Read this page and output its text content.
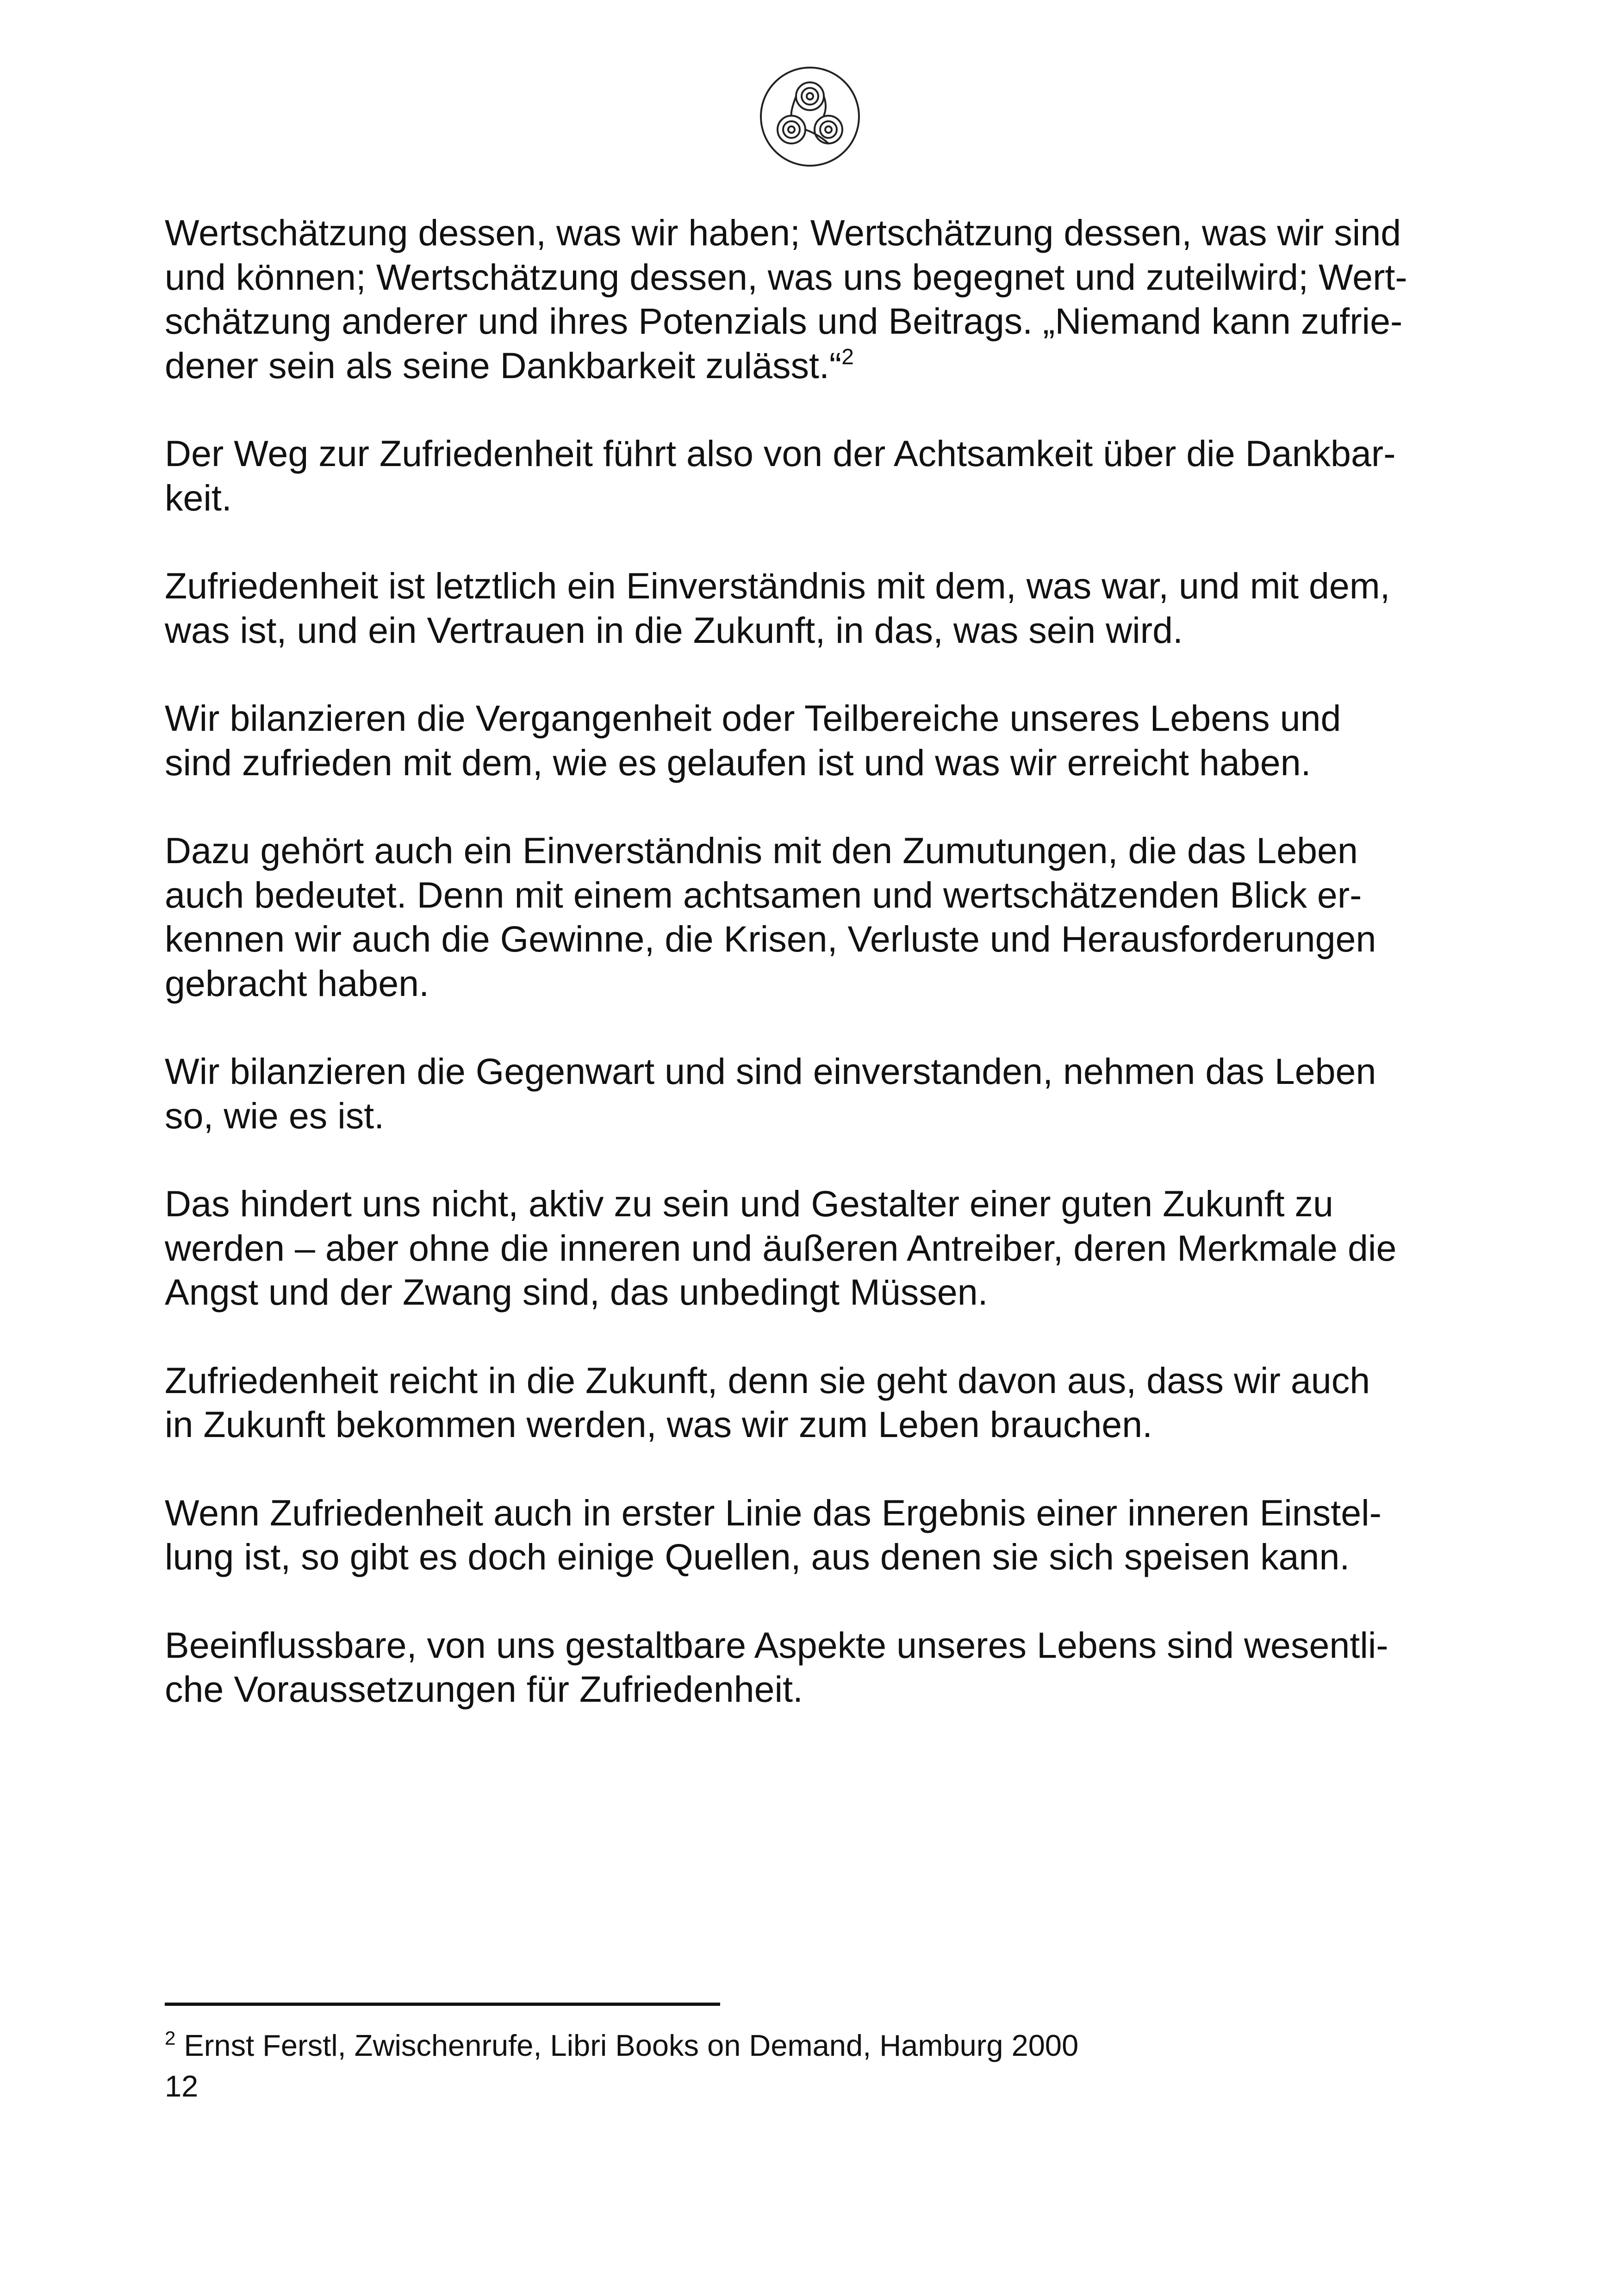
Wertschätzung dessen, was wir haben; Wertschätzung dessen, was wir sind
und können; Wertschätzung dessen, was uns begegnet und zuteilwird; Wert-
schätzung anderer und ihres Potenzials und Beitrags. „Niemand kann zufrie-
dener sein als seine Dankbarkeit zulässt.“$^2$

Der Weg zur Zufriedenheit führt also von der Achtsamkeit über die Dankbar-
keit.

Zufriedenheit ist letztlich ein Einverständnis mit dem, was war, und mit dem,
was ist, und ein Vertrauen in die Zukunft, in das, was sein wird.

Wir bilanzieren die Vergangenheit oder Teilbereiche unseres Lebens und
sind zufrieden mit dem, wie es gelaufen ist und was wir erreicht haben.

Dazu gehört auch ein Einverständnis mit den Zumutungen, die das Leben
auch bedeutet. Denn mit einem achtsamen und wertschätzenden Blick er-
kennen wir auch die Gewinne, die Krisen, Verluste und Herausforderungen
gebracht haben.

Wir bilanzieren die Gegenwart und sind einverstanden, nehmen das Leben
so, wie es ist.

Das hindert uns nicht, aktiv zu sein und Gestalter einer guten Zukunft zu
werden – aber ohne die inneren und äußeren Antreiber, deren Merkmale die
Angst und der Zwang sind, das unbedingt Müssen.

Zufriedenheit reicht in die Zukunft, denn sie geht davon aus, dass wir auch
in Zukunft bekommen werden, was wir zum Leben brauchen.

Wenn Zufriedenheit auch in erster Linie das Ergebnis einer inneren Einstel-
lung ist, so gibt es doch einige Quellen, aus denen sie sich speisen kann.

Beeinflussbare, von uns gestaltbare Aspekte unseres Lebens sind wesentli-
che Voraussetzungen für Zufriedenheit.

$^2$ Ernst Ferstl, Zwischenrufe, Libri Books on Demand, Hamburg 2000
12
